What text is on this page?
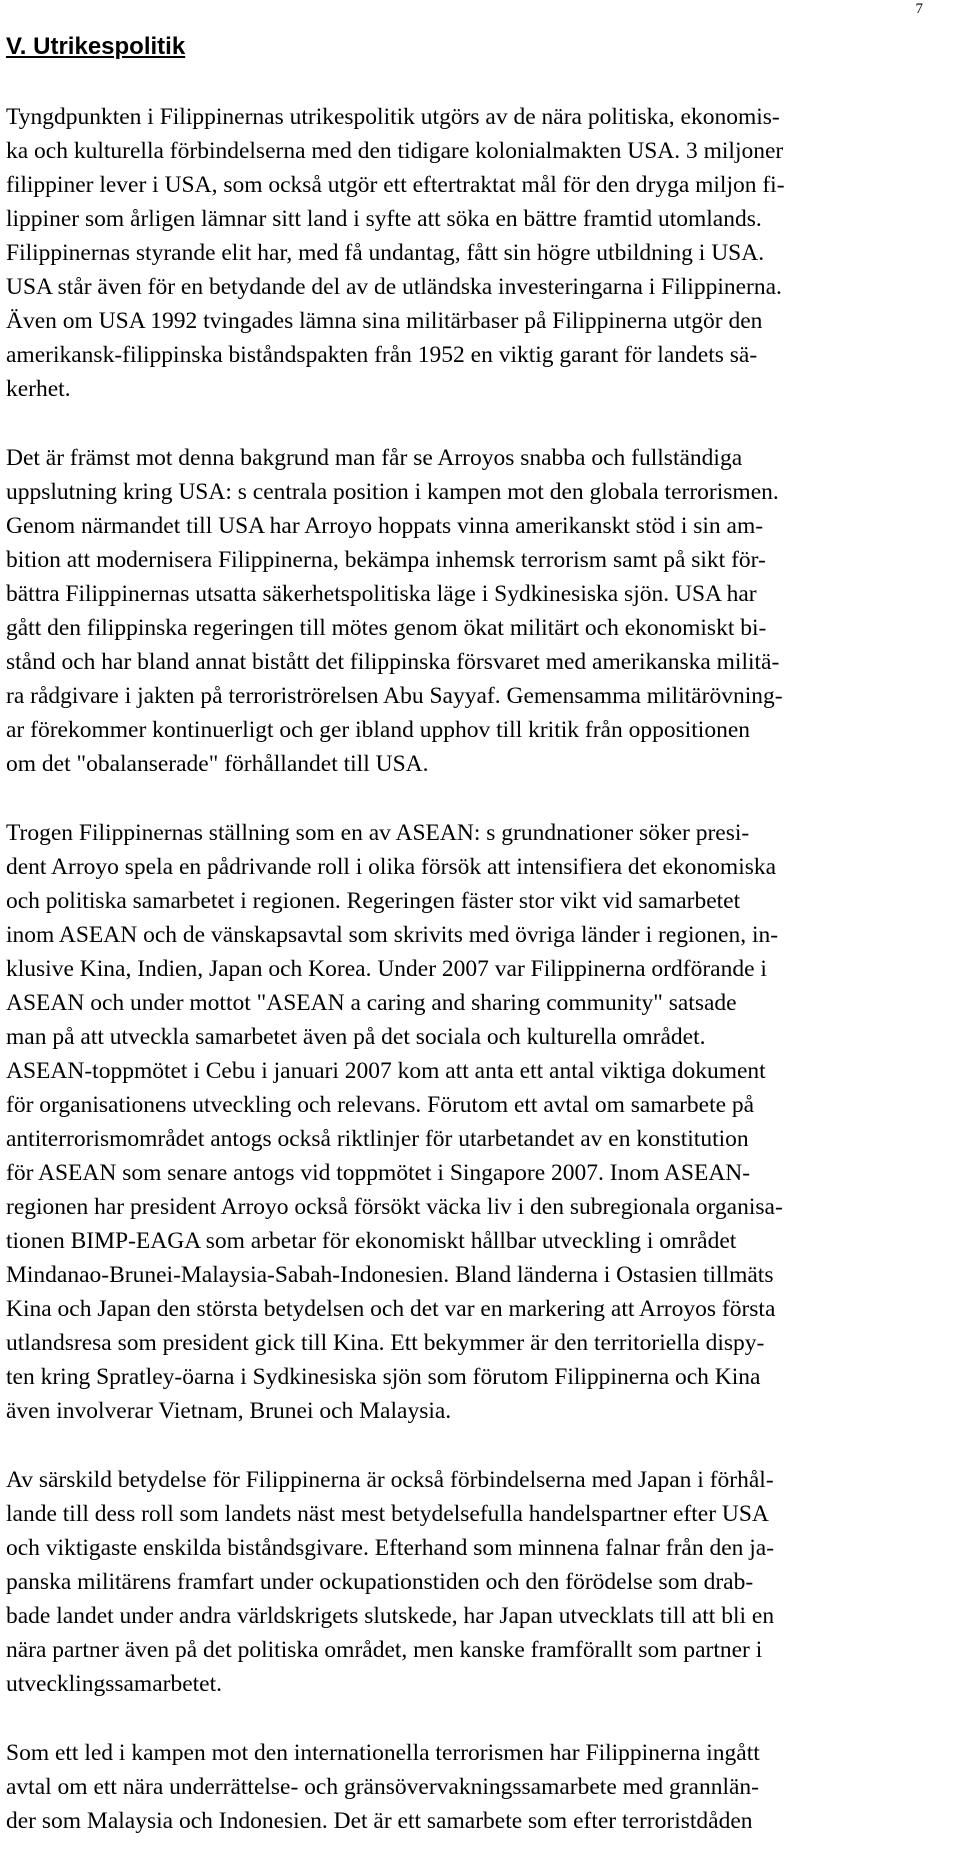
7
V. Utrikespolitik

Tyngdpunkten i Filippinernas utrikespolitik utgörs av de nära politiska, ekonomis-
ka och kulturella förbindelserna med den tidigare kolonialmakten USA. 3 miljoner
filippiner lever i USA, som också utgör ett eftertraktat mål för den dryga miljon fi-
lippiner som årligen lämnar sitt land i syfte att söka en bättre framtid utomlands.
Filippinernas styrande elit har, med få undantag, fått sin högre utbildning i USA.
USA står även för en betydande del av de utländska investeringarna i Filippinerna.
Även om USA 1992 tvingades lämna sina militärbaser på Filippinerna utgör den
amerikansk-filippinska biståndspakten från 1952 en viktig garant för landets sä-
kerhet.

Det är främst mot denna bakgrund man får se Arroyos snabba och fullständiga
uppslutning kring USA: s centrala position i kampen mot den globala terrorismen.
Genom närmandet till USA har Arroyo hoppats vinna amerikanskt stöd i sin am-
bition att modernisera Filippinerna, bekämpa inhemsk terrorism samt på sikt för-
bättra Filippinernas utsatta säkerhetspolitiska läge i Sydkinesiska sjön. USA har
gått den filippinska regeringen till mötes genom ökat militärt och ekonomiskt bi-
stånd och har bland annat bistått det filippinska försvaret med amerikanska militä-
ra rådgivare i jakten på terroriströrelsen Abu Sayyaf. Gemensamma militärövning-
ar förekommer kontinuerligt och ger ibland upphov till kritik från oppositionen
om det "obalanserade" förhållandet till USA.

Trogen Filippinernas ställning som en av ASEAN: s grundnationer söker presi-
dent Arroyo spela en pådrivande roll i olika försök att intensifiera det ekonomiska
och politiska samarbetet i regionen. Regeringen fäster stor vikt vid samarbetet
inom ASEAN och de vänskapsavtal som skrivits med övriga länder i regionen, in-
klusive Kina, Indien, Japan och Korea. Under 2007 var Filippinerna ordförande i
ASEAN och under mottot "ASEAN a caring and sharing community" satsade
man på att utveckla samarbetet även på det sociala och kulturella området.
ASEAN-toppmötet i Cebu i januari 2007 kom att anta ett antal viktiga dokument
för organisationens utveckling och relevans. Förutom ett avtal om samarbete på
antiterrorismområdet antogs också riktlinjer för utarbetandet av en konstitution
för ASEAN som senare antogs vid toppmötet i Singapore 2007. Inom ASEAN-
regionen har president Arroyo också försökt väcka liv i den subregionala organisa-
tionen BIMP-EAGA som arbetar för ekonomiskt hållbar utveckling i området
Mindanao-Brunei-Malaysia-Sabah-Indonesien. Bland länderna i Ostasien tillmäts
Kina och Japan den största betydelsen och det var en markering att Arroyos första
utlandsresa som president gick till Kina. Ett bekymmer är den territoriella dispy-
ten kring Spratley-öarna i Sydkinesiska sjön som förutom Filippinerna och Kina
även involverar Vietnam, Brunei och Malaysia.

Av särskild betydelse för Filippinerna är också förbindelserna med Japan i förhål-
lande till dess roll som landets näst mest betydelsefulla handelspartner efter USA
och viktigaste enskilda biståndsgivare. Efterhand som minnena falnar från den ja-
panska militärens framfart under ockupationstiden och den förödelse som drab-
bade landet under andra världskrigets slutskede, har Japan utvecklats till att bli en
nära partner även på det politiska området, men kanske framförallt som partner i
utvecklingssamarbetet.

Som ett led i kampen mot den internationella terrorismen har Filippinerna ingått
avtal om ett nära underrättelse- och gränsövervakningssamarbete med grannlän-
der som Malaysia och Indonesien. Det är ett samarbete som efter terroristdåden
